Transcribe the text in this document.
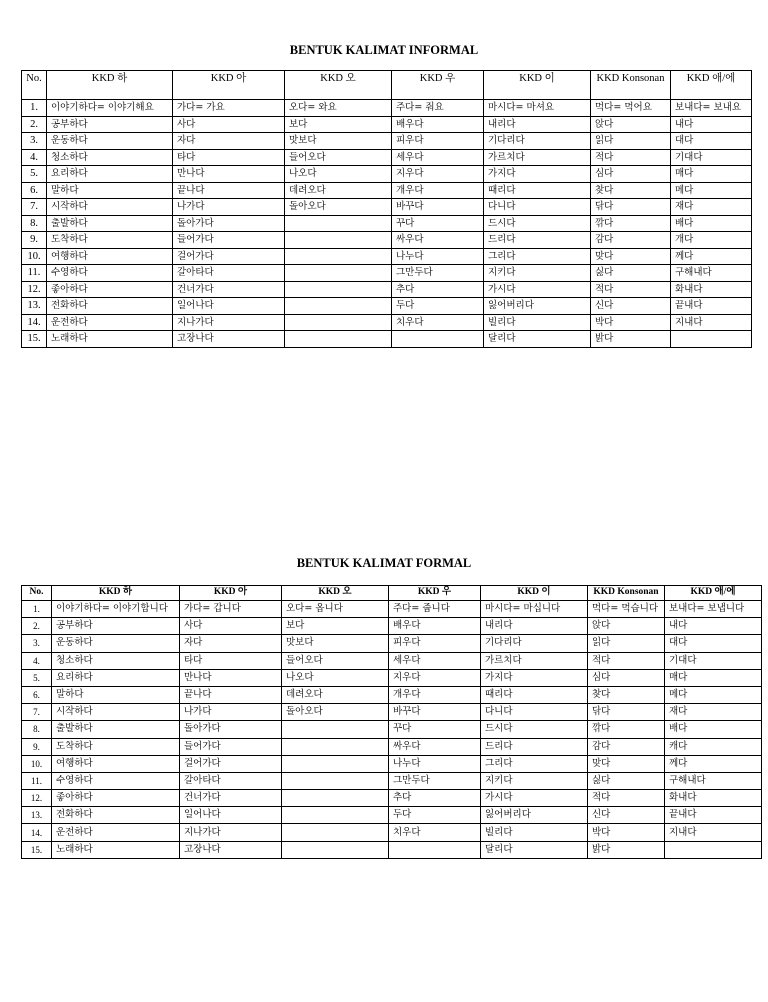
BENTUK KALIMAT INFORMAL
No.	KKD 하	KKD 아	KKD 오	KKD 우	KKD 이	KKD Konsonan	KKD 애/에
1.	이야기하다= 이야기해요	가다= 가요	오다= 와요	주다= 줘요	마시다= 마셔요	먹다= 먹어요	보내다= 보내요
2.	공부하다	사다	보다	배우다	내리다	앉다	내다
3.	운동하다	자다	맛보다	피우다	기다리다	읽다	대다
4.	청소하다	타다	들어오다	세우다	가르치다	적다	기대다
5.	요리하다	만나다	나오다	지우다	가지다	심다	매다
6.	말하다	끝나다	데려오다	개우다	때리다	찾다	메다
7.	시작하다	나가다	돌아오다	바꾸다	다니다	닦다	재다
8.	출발하다	돌아가다		꾸다	드시다	깎다	배다
9.	도착하다	들어가다		싸우다	드리다	감다	개다
10.	여행하다	걸어가다		나누다	그리다	맞다	께다
11.	수영하다	갈아타다		그만두다	지키다	싫다	구해내다
12.	좋아하다	건너가다		추다	가시다	적다	화내다
13.	전화하다	일어나다		두다	잃어버리다	신다	끝내다
14.	운전하다	지나가다		치우다	빌리다	박다	지내다
15.	노래하다	고장나다			달리다	밝다	
BENTUK KALIMAT FORMAL
No.	KKD 하	KKD 아	KKD 오	KKD 우	KKD 이	KKD Konsonan	KKD 애/에
1.	이야기하다= 이야기합니다	가다= 갑니다	오다= 옵니다	주다= 줍니다	마시다= 마십니다	먹다= 먹습니다	보내다= 보냅니다
2.	공부하다	사다	보다	배우다	내리다	앉다	내다
3.	운동하다	자다	맛보다	피우다	기다리다	읽다	대다
4.	청소하다	타다	들어오다	세우다	가르치다	적다	기대다
5.	요리하다	만나다	나오다	지우다	가지다	심다	매다
6.	말하다	끝나다	데려오다	개우다	때리다	찾다	메다
7.	시작하다	나가다	돌아오다	바꾸다	다니다	닦다	재다
8.	출발하다	돌아가다		꾸다	드시다	깎다	배다
9.	도착하다	들어가다		싸우다	드리다	감다	캐다
10.	여행하다	걸어가다		나누다	그리다	맞다	께다
11.	수영하다	갈아타다		그만두다	지키다	싫다	구해내다
12.	좋아하다	건너가다		추다	가시다	적다	화내다
13.	전화하다	일어나다		두다	잃어버리다	신다	끝내다
14.	운전하다	지나가다		치우다	빌리다	박다	지내다
15.	노래하다	고장나다			달리다	밝다	
